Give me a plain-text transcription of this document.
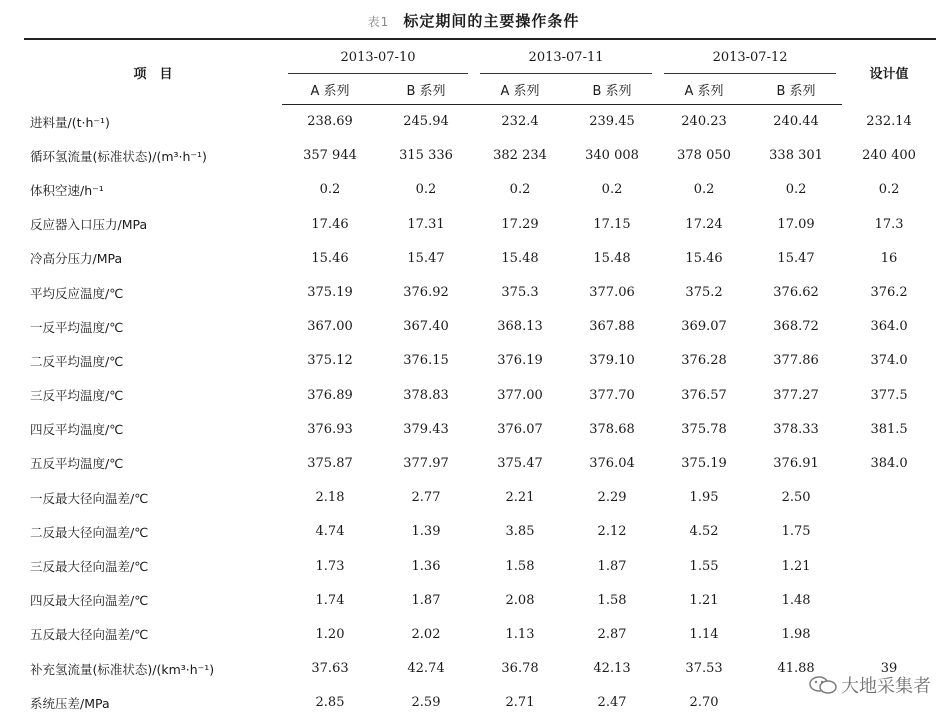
表1 标定期间的主要操作条件
项　目	2013-07-10		2013-07-11		2013-07-12		设计值
	A 系列	B 系列	A 系列	B 系列	A 系列	B 系列	
进料量/(t·h⁻¹)	238.69	245.94	232.4	239.45	240.23	240.44	232.14
循环氢流量(标准状态)/(m³·h⁻¹)	357 944	315 336	382 234	340 008	378 050	338 301	240 400
体积空速/h⁻¹	0.2	0.2	0.2	0.2	0.2	0.2	0.2
反应器入口压力/MPa	17.46	17.31	17.29	17.15	17.24	17.09	17.3
冷高分压力/MPa	15.46	15.47	15.48	15.48	15.46	15.47	16
平均反应温度/℃	375.19	376.92	375.3	377.06	375.2	376.62	376.2
一反平均温度/℃	367.00	367.40	368.13	367.88	369.07	368.72	364.0
二反平均温度/℃	375.12	376.15	376.19	379.10	376.28	377.86	374.0
三反平均温度/℃	376.89	378.83	377.00	377.70	376.57	377.27	377.5
四反平均温度/℃	376.93	379.43	376.07	378.68	375.78	378.33	381.5
五反平均温度/℃	375.87	377.97	375.47	376.04	375.19	376.91	384.0
一反最大径向温差/℃	2.18	2.77	2.21	2.29	1.95	2.50	
二反最大径向温差/℃	4.74	1.39	3.85	2.12	4.52	1.75	
三反最大径向温差/℃	1.73	1.36	1.58	1.87	1.55	1.21	
四反最大径向温差/℃	1.74	1.87	2.08	1.58	1.21	1.48	
五反最大径向温差/℃	1.20	2.02	1.13	2.87	1.14	1.98	
补充氢流量(标准状态)/(km³·h⁻¹)	37.63	42.74	36.78	42.13	37.53	41.88	39
系统压差/MPa	2.85	2.59	2.71	2.47	2.70		
大地采集者
